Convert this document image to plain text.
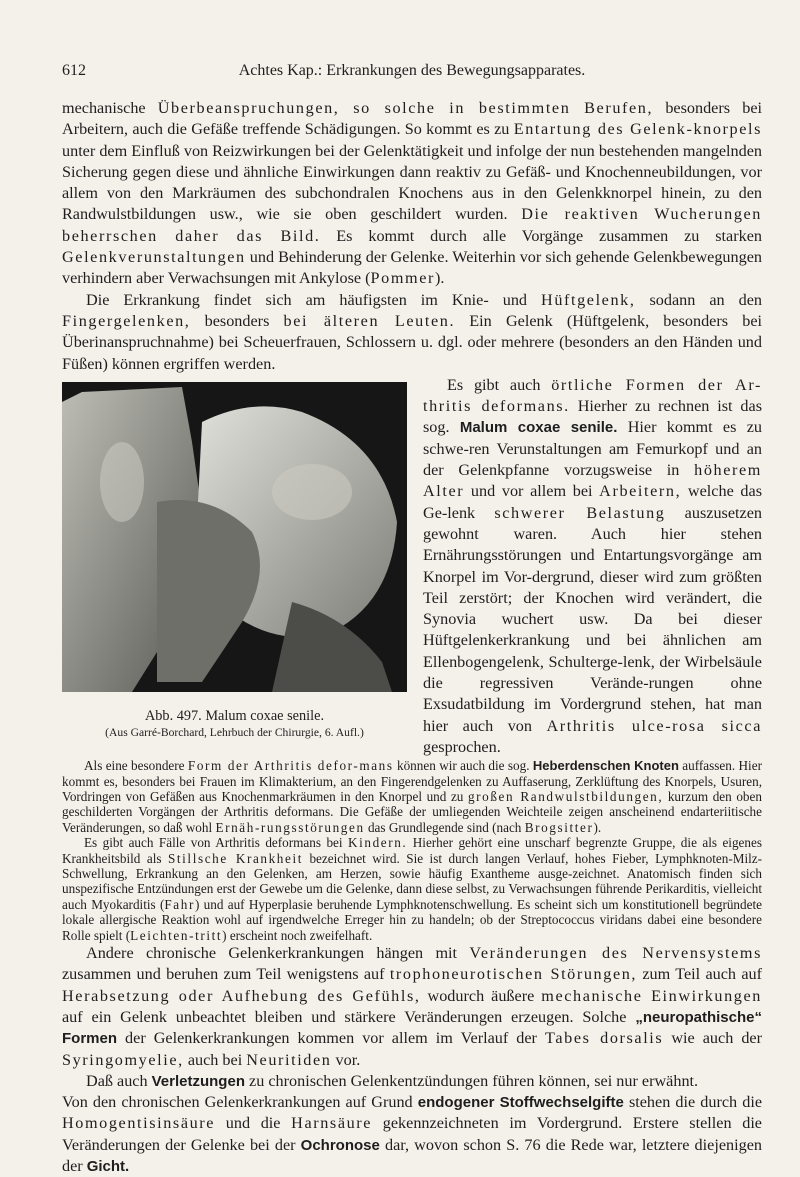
612	Achtes Kap.: Erkrankungen des Bewegungsapparates.

mechanische Überbeanspruchungen, so solche in bestimmten Berufen, besonders bei Arbeitern, auch die Gefäße treffende Schädigungen. So kommt es zu Entartung des Gelenk-knorpels unter dem Einfluß von Reizwirkungen bei der Gelenktätigkeit und infolge der nun bestehenden mangelnden Sicherung gegen diese und ähnliche Einwirkungen dann reaktiv zu Gefäß- und Knochenneubildungen, vor allem von den Markräumen des subchondralen Knochens aus in den Gelenkknorpel hinein, zu den Randwulstbildungen usw., wie sie oben geschildert wurden. Die reaktiven Wucherungen beherrschen daher das Bild. Es kommt durch alle Vorgänge zusammen zu starken Gelenkverunstaltungen und Behinderung der Gelenke. Weiterhin vor sich gehende Gelenkbewegungen verhindern aber Verwachsungen mit Ankylose (Pommer).

Die Erkrankung findet sich am häufigsten im Knie- und Hüftgelenk, sodann an den Fingergelenken, besonders bei älteren Leuten. Ein Gelenk (Hüftgelenk, besonders bei Überinanspruchnahme) bei Scheuerfrauen, Schlossern u. dgl. oder mehrere (besonders an den Händen und Füßen) können ergriffen werden.

Abb. 497. Malum coxae senile.
(Aus Garré-Borchard, Lehrbuch der Chirurgie, 6. Aufl.)

Es gibt auch örtliche Formen der Ar-thritis deformans. Hierher zu rechnen ist das sog. Malum coxae senile. Hier kommt es zu schwe-ren Verunstaltungen am Femurkopf und an der Gelenkpfanne vorzugsweise in höherem Alter und vor allem bei Arbeitern, welche das Ge-lenk schwerer Belastung auszusetzen gewohnt waren. Auch hier stehen Ernährungsstörungen und Entartungsvorgänge am Knorpel im Vor-dergrund, dieser wird zum größten Teil zerstört; der Knochen wird verändert, die Synovia wuchert usw. Da bei dieser Hüftgelenkerkrankung und bei ähnlichen am Ellenbogengelenk, Schulterge-lenk, der Wirbelsäule die regressiven Verände-rungen ohne Exsudatbildung im Vordergrund stehen, hat man hier auch von Arthritis ulce-rosa sicca gesprochen.

Als eine besondere Form der Arthritis defor-mans können wir auch die sog. Heberdenschen Knoten auffassen. Hier kommt es, besonders bei Frauen im Klimakterium, an den Fingerendgelenken zu Auffaserung, Zerklüftung des Knorpels, Usuren, Vordringen von Gefäßen aus Knochenmarkräumen in den Knorpel und zu großen Randwulstbildungen, kurzum den oben geschilderten Vorgängen der Arthritis deformans. Die Gefäße der umliegenden Weichteile zeigen anscheinend endarteriitische Veränderungen, so daß wohl Ernäh-rungsstörungen das Grundlegende sind (nach Brogsitter).

Es gibt auch Fälle von Arthritis deformans bei Kindern. Hierher gehört eine unscharf begrenzte Gruppe, die als eigenes Krankheitsbild als Stillsche Krankheit bezeichnet wird. Sie ist durch langen Verlauf, hohes Fieber, Lymphknoten-Milz-Schwellung, Erkrankung an den Gelenken, am Herzen, sowie häufig Exantheme ausge-zeichnet. Anatomisch finden sich unspezifische Entzündungen erst der Gewebe um die Gelenke, dann diese selbst, zu Verwachsungen führende Perikarditis, vielleicht auch Myokarditis (Fahr) und auf Hyperplasie beruhende Lymphknotenschwellung. Es scheint sich um konstitutionell begründete lokale allergische Reaktion wohl auf irgendwelche Erreger hin zu handeln; ob der Streptococcus viridans dabei eine besondere Rolle spielt (Leichten-tritt) erscheint noch zweifelhaft.

Andere chronische Gelenkerkrankungen hängen mit Veränderungen des Nervensystems zusammen und beruhen zum Teil wenigstens auf trophoneurotischen Störungen, zum Teil auch auf Herabsetzung oder Aufhebung des Gefühls, wodurch äußere mechanische Einwirkungen auf ein Gelenk unbeachtet bleiben und stärkere Veränderungen erzeugen. Solche „neuropathische“ Formen der Gelenkerkrankungen kommen vor allem im Verlauf der Tabes dorsalis wie auch der Syringomyelie, auch bei Neuritiden vor.

Daß auch Verletzungen zu chronischen Gelenkentzündungen führen können, sei nur erwähnt.

Von den chronischen Gelenkerkrankungen auf Grund endogener Stoffwechselgifte stehen die durch die Homogentisinsäure und die Harnsäure gekennzeichneten im Vordergrund. Erstere stellen die Veränderungen der Gelenke bei der Ochronose dar, wovon schon S. 76 die Rede war, letztere diejenigen der Gicht.
